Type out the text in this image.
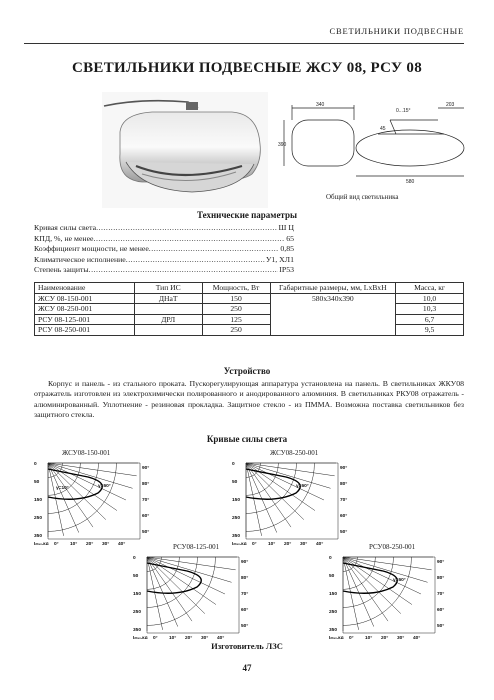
СВЕТИЛЬНИКИ ПОДВЕСНЫЕ
СВЕТИЛЬНИКИ ПОДВЕСНЫЕ ЖСУ 08, РСУ 08
340
390
580
203
0...15°
45
Общий вид светильника
Технические параметры
Кривая силы света .....	Ш Ц
КПД, %, не менее .....	65
Коэффициент мощности, не менее .....	0,85
Климатическое исполнение .....	У1, ХЛ1
Степень защиты .....	IP53
Наименование	Тип ИС	Мощность, Вт	Габаритные размеры, мм, LxBxH	Масса, кг
ЖСУ 08-150-001	ДНаТ	150	580x340x390	10,0
ЖСУ 08-250-001		250		10,3
РСУ 08-125-001	ДРЛ	125		6,7
РСУ 08-250-001		250		9,5
Устройство
Корпус и панель - из стального проката. Пускорегулирующая аппаратура установлена на панель. В светильниках ЖКУ08 отражатель изготовлен из электрохимически полированного и анодированного алюминия. В светильниках РКУ08 отражатель - алюминированный. Уплотнение - резиновая прокладка. Защитное стекло - из ПММА. Возможна поставка светильников без защитного стекла.
Кривые силы света
ЖСУ08-150-001
90°
80°
70°
60°
50°
0
50
150
250
350
0° 10° 20° 30° 40°
Iₘₓₓ,кд
γ=60°
γ=10°
ЖСУ08-250-001
90°
80°
70°
60°
50°
0
50
150
250
350
0° 10° 20° 30° 40°
Iₘₓₓ,кд
γ=60°
РСУ08-125-001
90°
80°
70°
60°
50°
0
50
150
250
350
0° 10° 20° 30° 40°
Iₘₓₓ,кд
РСУ08-250-001
90°
80°
70°
60°
50°
0
50
150
250
350
0° 10° 20° 30° 40°
Iₘₓₓ,кд
γ=60°
Изготовитель ЛЗС
47
